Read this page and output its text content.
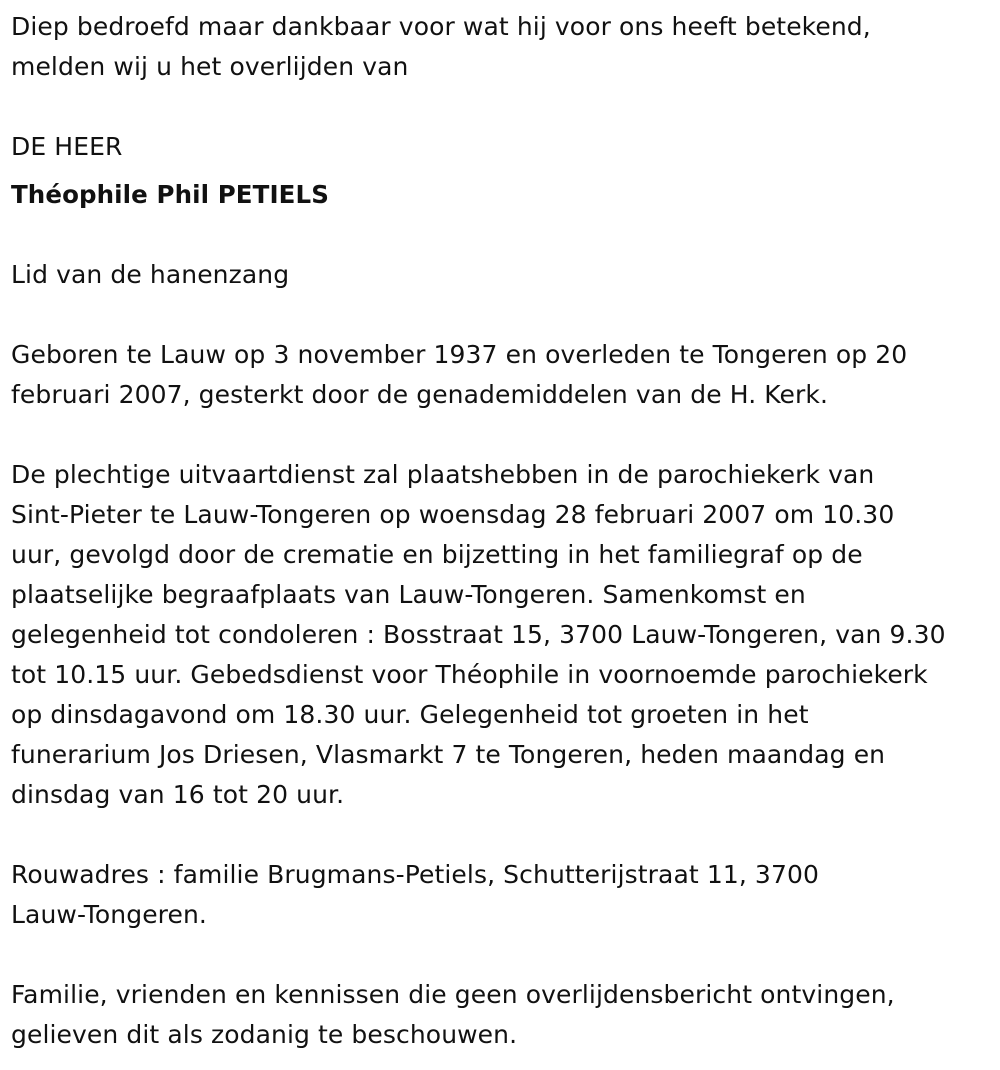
Diep bedroefd maar dankbaar voor wat hij voor ons heeft betekend,
melden wij u het overlijden van

DE HEER

Théophile Phil PETIELS

Lid van de hanenzang

Geboren te Lauw op 3 november 1937 en overleden te Tongeren op 20
februari 2007, gesterkt door de genademiddelen van de H. Kerk.

De plechtige uitvaartdienst zal plaatshebben in de parochiekerk van
Sint-Pieter te Lauw-Tongeren op woensdag 28 februari 2007 om 10.30
uur, gevolgd door de crematie en bijzetting in het familiegraf op de
plaatselijke begraafplaats van Lauw-Tongeren. Samenkomst en
gelegenheid tot condoleren : Bosstraat 15, 3700 Lauw-Tongeren, van 9.30
tot 10.15 uur. Gebedsdienst voor Théophile in voornoemde parochiekerk
op dinsdagavond om 18.30 uur. Gelegenheid tot groeten in het
funerarium Jos Driesen, Vlasmarkt 7 te Tongeren, heden maandag en
dinsdag van 16 tot 20 uur.

Rouwadres : familie Brugmans-Petiels, Schutterijstraat 11, 3700
Lauw-Tongeren.

Familie, vrienden en kennissen die geen overlijdensbericht ontvingen,
gelieven dit als zodanig te beschouwen.
